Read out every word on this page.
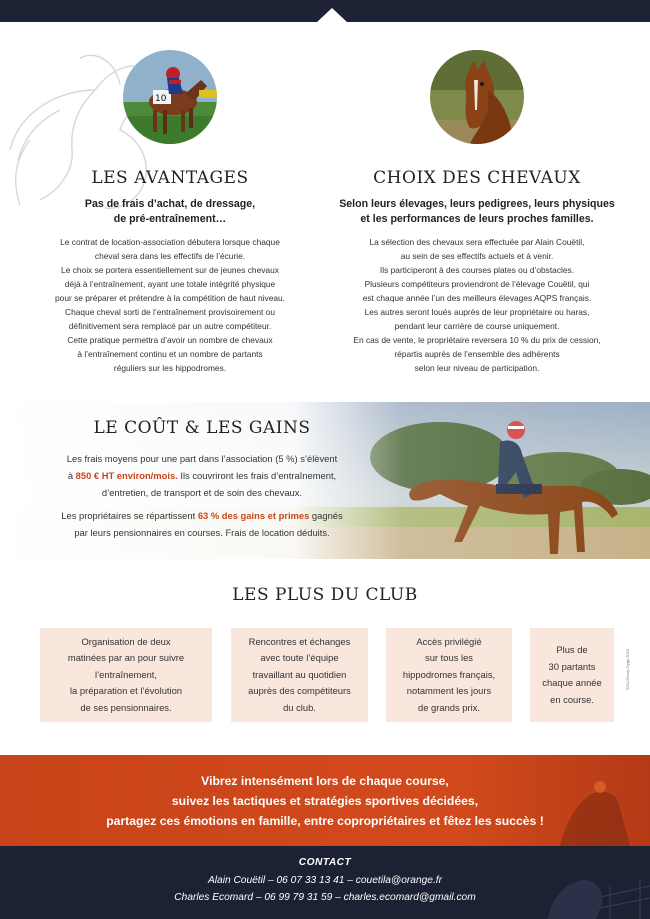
10
LES AVANTAGES
Pas de frais d’achat, de dressage,
de pré-entraînement…

Le contrat de location-association débutera lorsque chaque

cheval sera dans les effectifs de l’écurie.

Le choix se portera essentiellement sur de jeunes chevaux

déjà à l’entraînement, ayant une totale intégrité physique

pour se préparer et prétendre à la compétition de haut niveau.

Chaque cheval sorti de l’entraînement provisoirement ou

définitivement sera remplacé par un autre compétiteur.

Cette pratique permettra d’avoir un nombre de chevaux

à l’entraînement continu et un nombre de partants

réguliers sur les hippodromes.

CHOIX DES CHEVAUX
Selon leurs élevages, leurs pedigrees, leurs physiques
et les performances de leurs proches familles.

La sélection des chevaux sera effectuée par Alain Couëtil,

au sein de ses effectifs actuels et à venir.

Ils participeront à des courses plates ou d’obstacles.

Plusieurs compétiteurs proviendront de l’élevage Couëtil, qui

est chaque année l’un des meilleurs élevages AQPS français.

Les autres seront loués auprès de leur propriétaire ou haras,

pendant leur carrière de course uniquement.

En cas de vente, le propriétaire reversera 10 % du prix de cession,

répartis auprès de l’ensemble des adhérents

selon leur niveau de participation.

LE COÛT & LES GAINS

Les frais moyens pour une part dans l’association (5 %) s’élèvent
à 850 € HT environ/mois. Ils couvriront les frais d’entraînement,
d’entretien, de transport et de soin des chevaux.

Les propriétaires se répartissent 63 % des gains et primes gagnés
par leurs pensionnaires en courses. Frais de location déduits.

LES PLUS DU CLUB
Organisation de deux
matinées par an pour suivre
l’entraînement,
la préparation et l’évolution
de ses pensionnaires.
Rencontres et échanges
avec toute l’équipe
travaillant au quotidien
auprès des compétiteurs
du club.
Accès privilégié
sur tous les
hippodromes français,
notamment les jours
de grands prix.
Plus de
30 partants
chaque année
en course.
©GL/Scoop Dyga 2023

Vibrez intensément lors de chaque course,

suivez les tactiques et stratégies sportives décidées,

partagez ces émotions en famille, entre copropriétaires et fêtez les succès !

CONTACT
Alain Couëtil – 06 07 33 13 41 – couetila@orange.fr
Charles Ecomard – 06 99 79 31 59 – charles.ecomard@gmail.com
